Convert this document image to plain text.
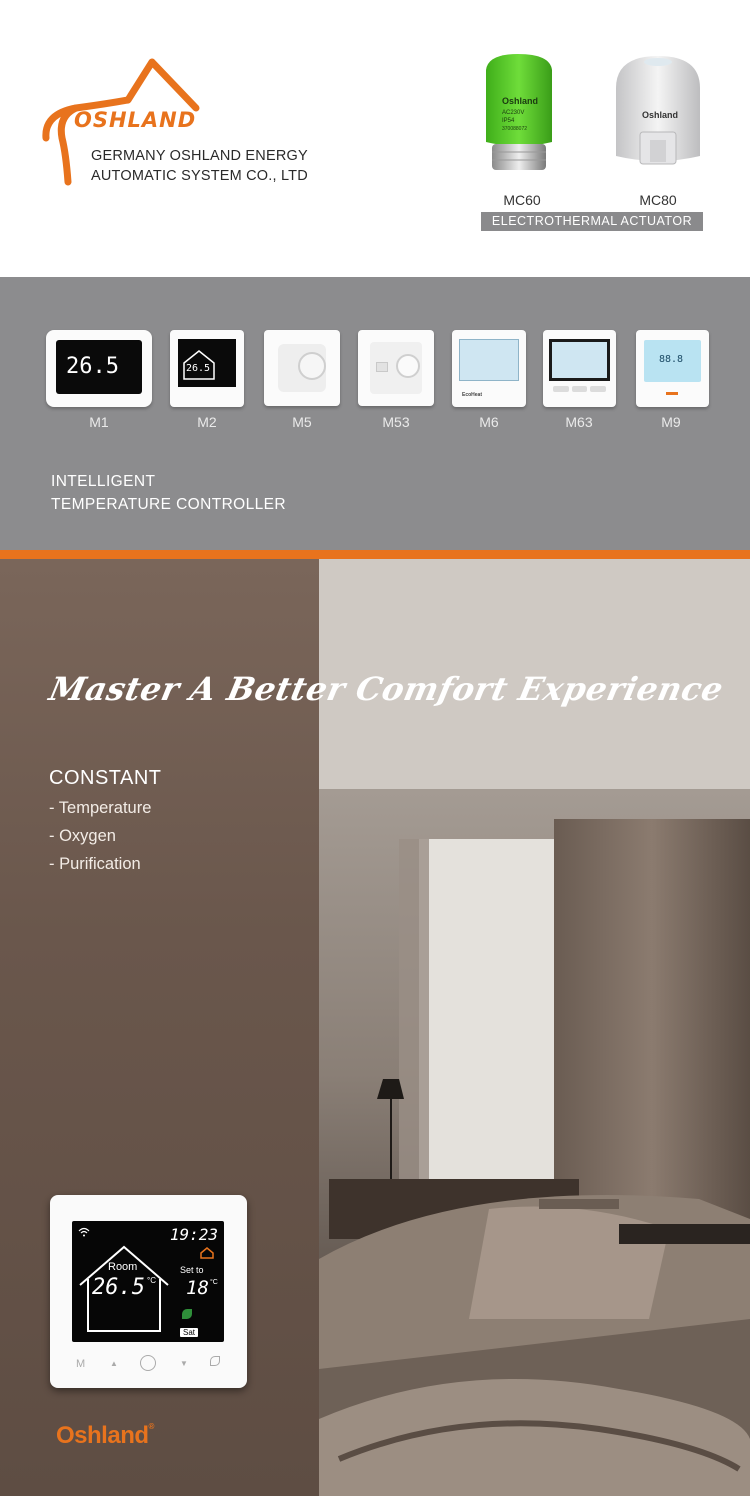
OSHLAND
GERMANY OSHLAND ENERGY
AUTOMATIC SYSTEM CO., LTD
Oshland
AC230V
IP54
370088072
MC60
Oshland
MC80
ELECTROTHERMAL ACTUATOR
26.5	26.5
EcoHeat
88.8
M1	M2	M5	M53	M6	M63	M9
INTELLIGENT
TEMPERATURE CONTROLLER
Master A Better Comfort Experience
CONSTANT
- Temperature
- Oxygen
- Purification
19:23
Room
26.5 °C
Set to
18 °C
Sat
M	▲	▼
Oshland®
